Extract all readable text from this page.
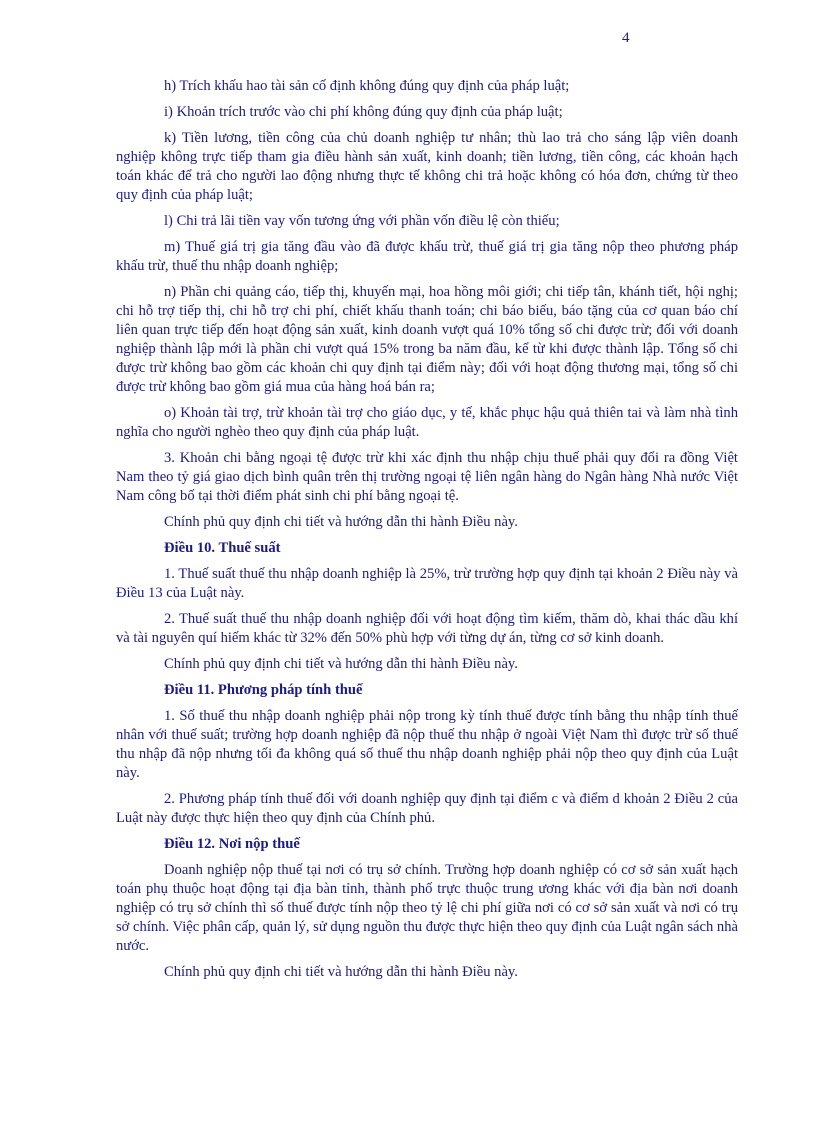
4

h) Trích khấu hao tài sản cố định không đúng quy định của pháp luật;

i) Khoản trích trước vào chi phí không đúng quy định của pháp luật;

k) Tiền lương, tiền công của chủ doanh nghiệp tư nhân; thù lao trả cho sáng lập viên doanh nghiệp không trực tiếp tham gia điều hành sản xuất, kinh doanh; tiền lương, tiền công, các khoản hạch toán khác để trả cho người lao động nhưng thực tế không chi trả hoặc không có hóa đơn, chứng từ theo quy định của pháp luật;

l) Chi trả lãi tiền vay vốn tương ứng với phần vốn điều lệ còn thiếu;

m) Thuế giá trị gia tăng đầu vào đã được khấu trừ, thuế giá trị gia tăng nộp theo phương pháp khấu trừ, thuế thu nhập doanh nghiệp;

n) Phần chi quảng cáo, tiếp thị, khuyến mại, hoa hồng môi giới; chi tiếp tân, khánh tiết, hội nghị; chi hỗ trợ tiếp thị, chi hỗ trợ chi phí, chiết khấu thanh toán; chi báo biếu, báo tặng của cơ quan báo chí liên quan trực tiếp đến hoạt động sản xuất, kinh doanh vượt quá 10% tổng số chi được trừ; đối với doanh nghiệp thành lập mới là phần chi vượt quá 15% trong ba năm đầu, kể từ khi được thành lập. Tổng số chi được trừ không bao gồm các khoản chi quy định tại điểm này; đối với hoạt động thương mại, tổng số chi được trừ không bao gồm giá mua của hàng hoá bán ra;

o) Khoản tài trợ, trừ khoản tài trợ cho giáo dục, y tế, khắc phục hậu quả thiên tai và làm nhà tình nghĩa cho người nghèo theo quy định của pháp luật.

3. Khoản chi bằng ngoại tệ được trừ khi xác định thu nhập chịu thuế phải quy đổi ra đồng Việt Nam theo tỷ giá giao dịch bình quân trên thị trường ngoại tệ liên ngân hàng do Ngân hàng Nhà nước Việt Nam công bố tại thời điểm phát sinh chi phí bằng ngoại tệ.

Chính phủ quy định chi tiết và hướng dẫn thi hành Điều này.

Điều 10. Thuế suất

1. Thuế suất thuế thu nhập doanh nghiệp là 25%, trừ trường hợp quy định tại khoản 2 Điều này và Điều 13 của Luật này.

2. Thuế suất thuế thu nhập doanh nghiệp đối với hoạt động tìm kiếm, thăm dò, khai thác dầu khí và tài nguyên quí hiếm khác từ 32% đến 50% phù hợp với từng dự án, từng cơ sở kinh doanh.

Chính phủ quy định chi tiết và hướng dẫn thi hành Điều này.

Điều 11. Phương pháp tính thuế

1. Số thuế thu nhập doanh nghiệp phải nộp trong kỳ tính thuế được tính bằng thu nhập tính thuế nhân với thuế suất; trường hợp doanh nghiệp đã nộp thuế thu nhập ở ngoài Việt Nam thì được trừ số thuế thu nhập đã nộp nhưng tối đa không quá số thuế thu nhập doanh nghiệp phải nộp theo quy định của Luật này.

2. Phương pháp tính thuế đối với doanh nghiệp quy định tại điểm c và điểm d khoản 2 Điều 2 của Luật này được thực hiện theo quy định của Chính phủ.

Điều 12. Nơi nộp thuế

Doanh nghiệp nộp thuế tại nơi có trụ sở chính. Trường hợp doanh nghiệp có cơ sở sản xuất hạch toán phụ thuộc hoạt động tại địa bàn tỉnh, thành phố trực thuộc trung ương khác với địa bàn nơi doanh nghiệp có trụ sở chính thì số thuế được tính nộp theo tỷ lệ chi phí giữa nơi có cơ sở sản xuất và nơi có trụ sở chính. Việc phân cấp, quản lý, sử dụng nguồn thu được thực hiện theo quy định của Luật ngân sách nhà nước.

Chính phủ quy định chi tiết và hướng dẫn thi hành Điều này.
